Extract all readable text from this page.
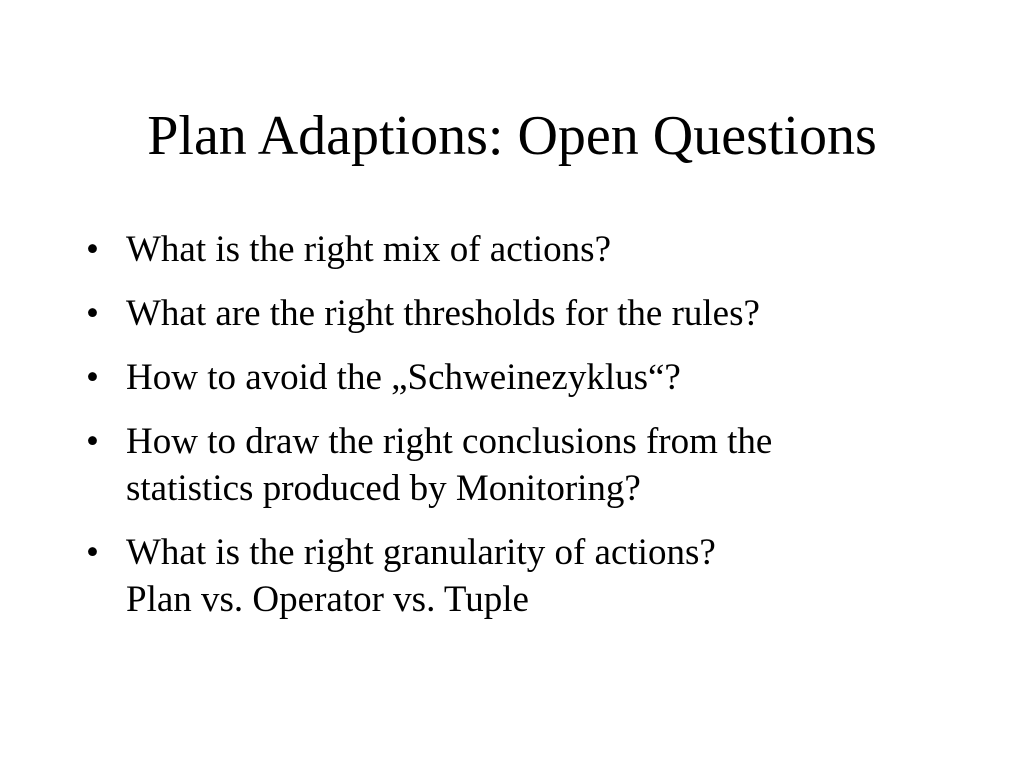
Plan Adaptions: Open Questions
• What is the right mix of actions?
• What are the right thresholds for the rules?
• How to avoid the „Schweinezyklus“?
• How to draw the right conclusions from the
statistics produced by Monitoring?
• What is the right granularity of actions?
Plan vs. Operator vs. Tuple
